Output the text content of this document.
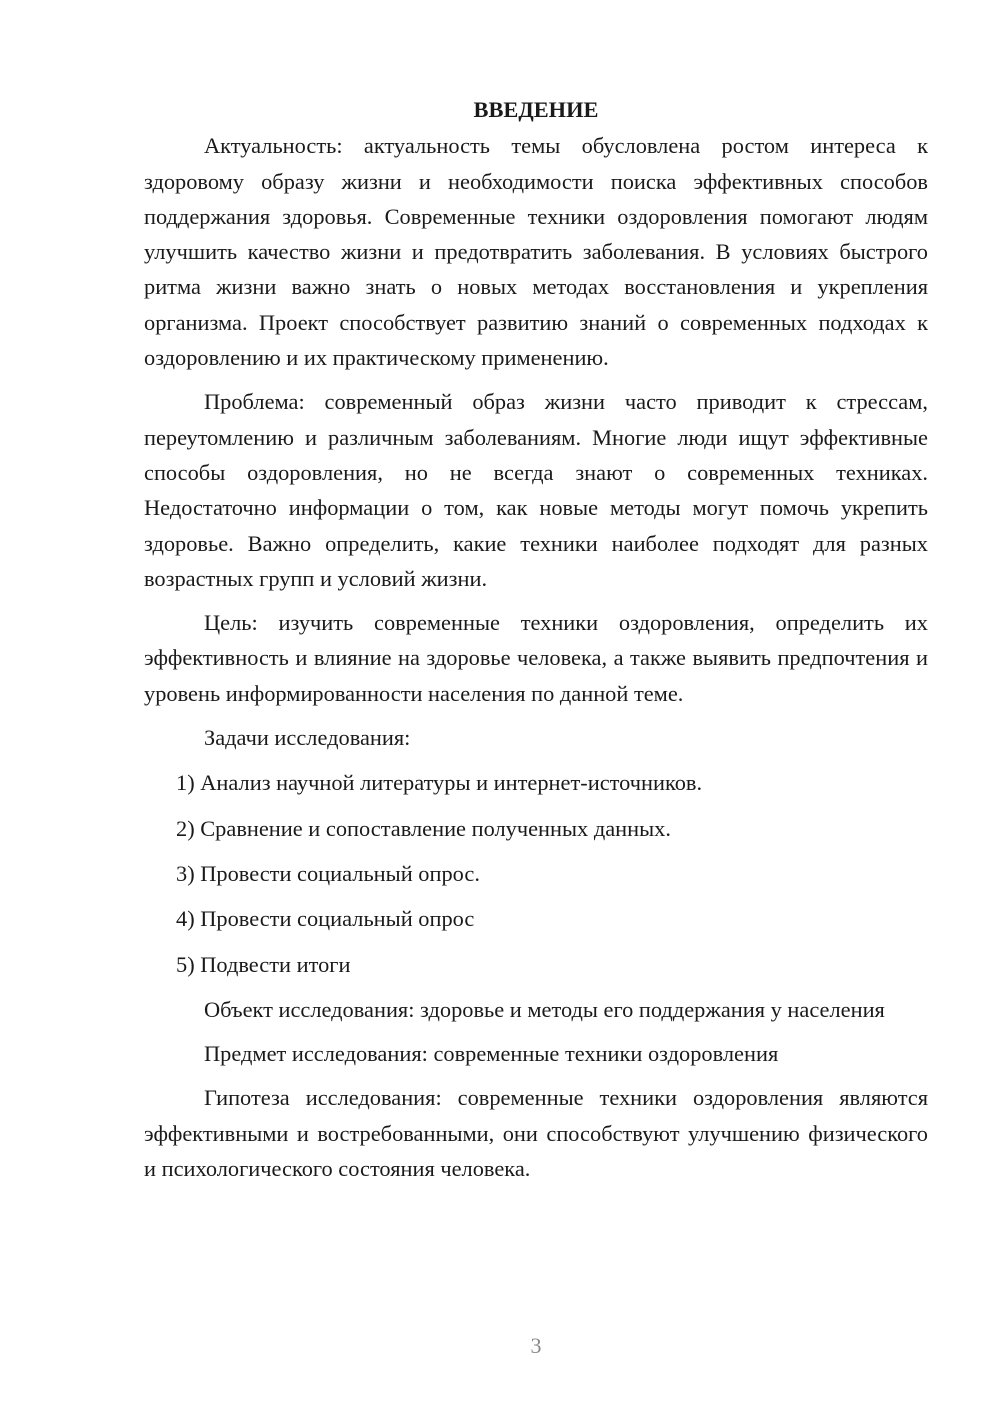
ВВЕДЕНИЕ

Актуальность: актуальность темы обусловлена ростом интереса к здоровому образу жизни и необходимости поиска эффективных способов поддержания здоровья. Современные техники оздоровления помогают людям улучшить качество жизни и предотвратить заболевания. В условиях быстрого ритма жизни важно знать о новых методах восстановления и укрепления организма. Проект способствует развитию знаний о современных подходах к оздоровлению и их практическому применению.

Проблема: современный образ жизни часто приводит к стрессам, переутомлению и различным заболеваниям. Многие люди ищут эффективные способы оздоровления, но не всегда знают о современных техниках. Недостаточно информации о том, как новые методы могут помочь укрепить здоровье. Важно определить, какие техники наиболее подходят для разных возрастных групп и условий жизни.

Цель: изучить современные техники оздоровления, определить их эффективность и влияние на здоровье человека, а также выявить предпочтения и уровень информированности населения по данной теме.

Задачи исследования:

1) Анализ научной литературы и интернет-источников.

2) Сравнение и сопоставление полученных данных.

3) Провести социальный опрос.

4) Провести социальный опрос

5) Подвести итоги

Объект исследования: здоровье и методы его поддержания у населения

Предмет исследования: современные техники оздоровления

Гипотеза исследования: современные техники оздоровления являются эффективными и востребованными, они способствуют улучшению физического и психологического состояния человека.

3
